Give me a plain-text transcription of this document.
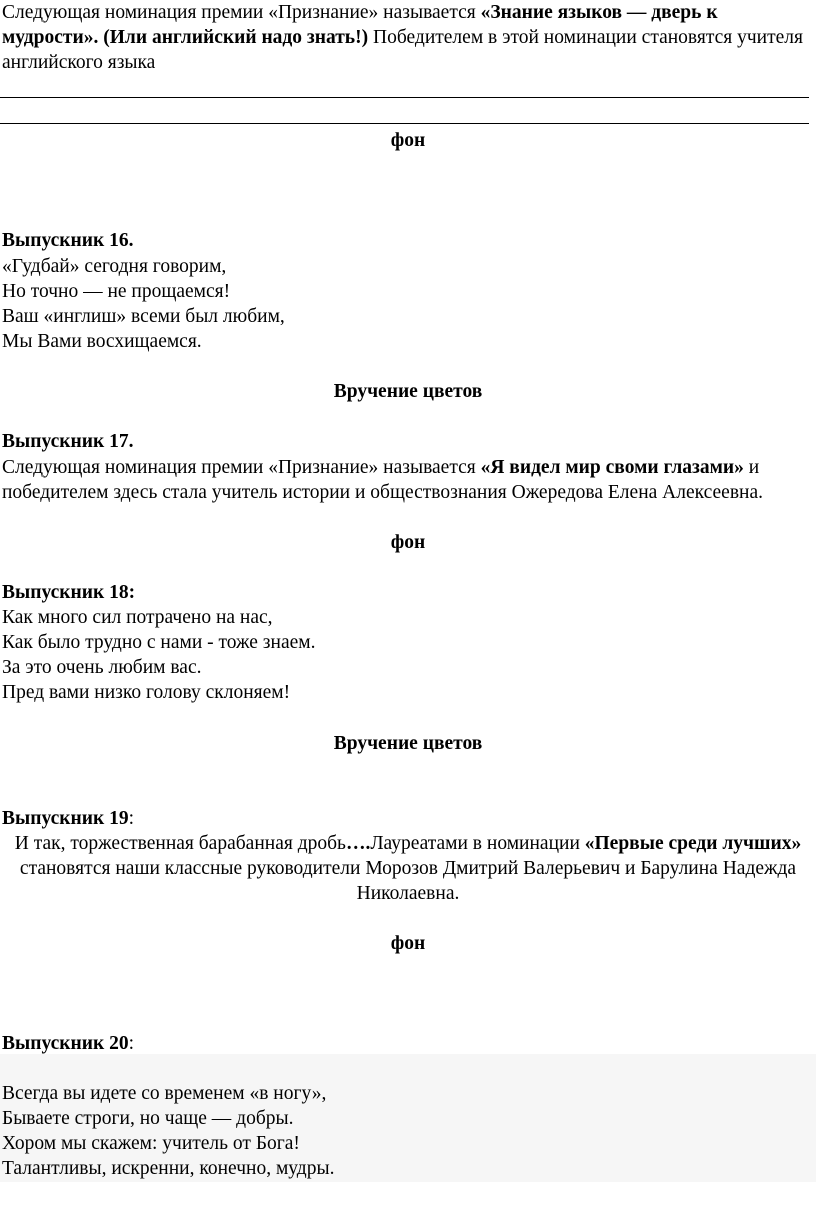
Следующая номинация премии «Признание» называется «Знание языков — дверь к мудрости». (Или английский надо знать!) Победителем в этой номинации становятся учителя английского языка

фон

Выпускник 16.

«Гудбай» сегодня говорим,
Но точно — не прощаемся!
Ваш «инглиш» всеми был любим,
Мы Вами восхищаемся.

Вручение цветов

Выпускник 17.

Следующая номинация премии «Признание» называется «Я видел мир своми глазами» и победителем здесь стала учитель истории и обществознания Ожередова Елена Алексеевна.

фон

Выпускник 18:

Как много сил потрачено на нас,
Как было трудно с нами - тоже знаем.
За это очень любим вас.
Пред вами низко голову склоняем!

Вручение цветов

Выпускник 19:

И так, торжественная барабанная дробь….Лауреатами в номинации «Первые среди лучших» становятся наши классные руководители Морозов Дмитрий Валерьевич и Барулина Надежда Николаевна.

фон

Выпускник 20:

Всегда вы идете со временем «в ногу»,
Бываете строги, но чаще — добры.
Хором мы скажем: учитель от Бога!
Талантливы, искренни, конечно, мудры.
